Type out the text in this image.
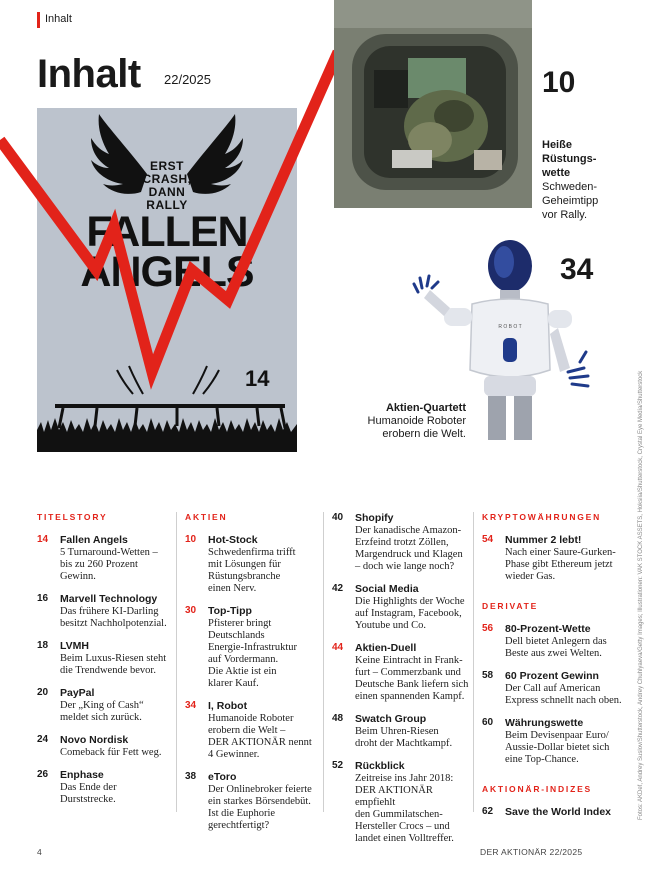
Inhalt
Inhalt 22/2025
ERST
CRASH,
DANN
RALLY
FALLEN
ANGELS
14
10
Heiße
Rüstungs-
wette
Schweden-
Geheimtipp
vor Rally.
34
R O B O T
Aktien-Quartett
Humanoide Roboter
erobern die Welt.	Fotos: AKDef, Andrey Suslov/Shutterstock, Andrey Chuhlyaeva/Getty Images; Illustrationen: VAK STOCK ASSETS, Hoksiia/Shutterstock, Crystal Eye Media/Shutterstock
TITELSTORY
14 Fallen Angels
5 Turnaround-Wetten –
bis zu 260 Prozent
Gewinn.
16 Marvell Technology
Das frühere KI-Darling
besitzt Nachholpotenzial.
18 LVMH
Beim Luxus-Riesen steht
die Trendwende bevor.
20 PayPal
Der „King of Cash“
meldet sich zurück.
24 Novo Nordisk
Comeback für Fett weg.
26 Enphase
Das Ende der Durststrecke.
AKTIEN
10 Hot-Stock
Schwedenfirma trifft
mit Lösungen für
Rüstungsbranche
einen Nerv.
30 Top-Tipp
Pfisterer bringt
Deutschlands
Energie-Infrastruktur
auf Vordermann.
Die Aktie ist ein
klarer Kauf.
34 I, Robot
Humanoide Roboter
erobern die Welt –
DER AKTIONÄR nennt
4 Gewinner.
38 eToro
Der Onlinebroker feierte
ein starkes Börsendebüt.
Ist die Euphorie
gerechtfertigt?
40 Shopify
Der kanadische Amazon-
Erzfeind trotzt Zöllen,
Margendruck und Klagen
– doch wie lange noch?
42 Social Media
Die Highlights der Woche
auf Instagram, Facebook,
Youtube und Co.
44 Aktien-Duell
Keine Eintracht in Frank-
furt – Commerzbank und
Deutsche Bank liefern sich
einen spannenden Kampf.
48 Swatch Group
Beim Uhren-Riesen
droht der Machtkampf.
52 Rückblick
Zeitreise ins Jahr 2018:
DER AKTIONÄR empfiehlt
den Gummilatschen-
Hersteller Crocs – und
landet einen Volltreffer.
KRYPTOWÄHRUNGEN
54 Nummer 2 lebt!
Nach einer Saure-Gurken-
Phase gibt Ethereum jetzt
wieder Gas.
DERIVATE
56 80-Prozent-Wette
Dell bietet Anlegern das
Beste aus zwei Welten.
58 60 Prozent Gewinn
Der Call auf American
Express schnellt nach oben.
60 Währungswette
Beim Devisenpaar Euro/
Aussie-Dollar bietet sich
eine Top-Chance.
AKTIONÄR-INDIZES
62 Save the World Index
4	DER AKTIONÄR 22/2025
